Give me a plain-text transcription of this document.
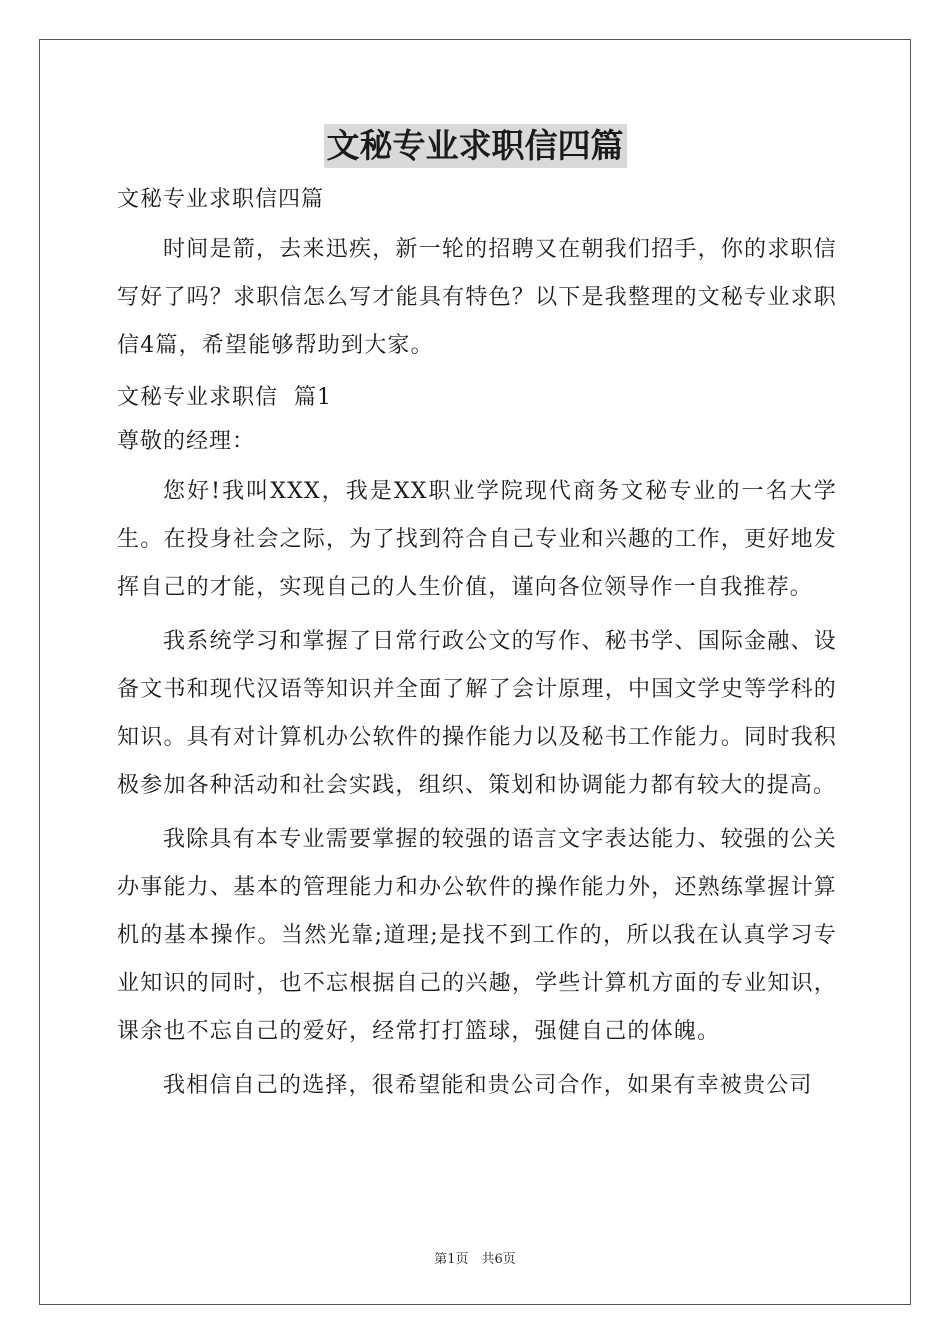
文秘专业求职信四篇
文秘专业求职信四篇
时间是箭，去来迅疾，新一轮的招聘又在朝我们招手，你的求职信写好了吗？求职信怎么写才能具有特色？以下是我整理的文秘专业求职信4篇，希望能够帮助到大家。
文秘专业求职信  篇1
尊敬的经理：
您好!我叫XXX，我是XX职业学院现代商务文秘专业的一名大学生。在投身社会之际，为了找到符合自己专业和兴趣的工作，更好地发挥自己的才能，实现自己的人生价值，谨向各位领导作一自我推荐。
我系统学习和掌握了日常行政公文的写作、秘书学、国际金融、设备文书和现代汉语等知识并全面了解了会计原理，中国文学史等学科的知识。具有对计算机办公软件的操作能力以及秘书工作能力。同时我积极参加各种活动和社会实践，组织、策划和协调能力都有较大的提高。
我除具有本专业需要掌握的较强的语言文字表达能力、较强的公关办事能力、基本的管理能力和办公软件的操作能力外，还熟练掌握计算机的基本操作。当然光靠;道理;是找不到工作的，所以我在认真学习专业知识的同时，也不忘根据自己的兴趣，学些计算机方面的专业知识，课余也不忘自己的爱好，经常打打篮球，强健自己的体魄。
我相信自己的选择，很希望能和贵公司合作，如果有幸被贵公司
第1页　共6页
